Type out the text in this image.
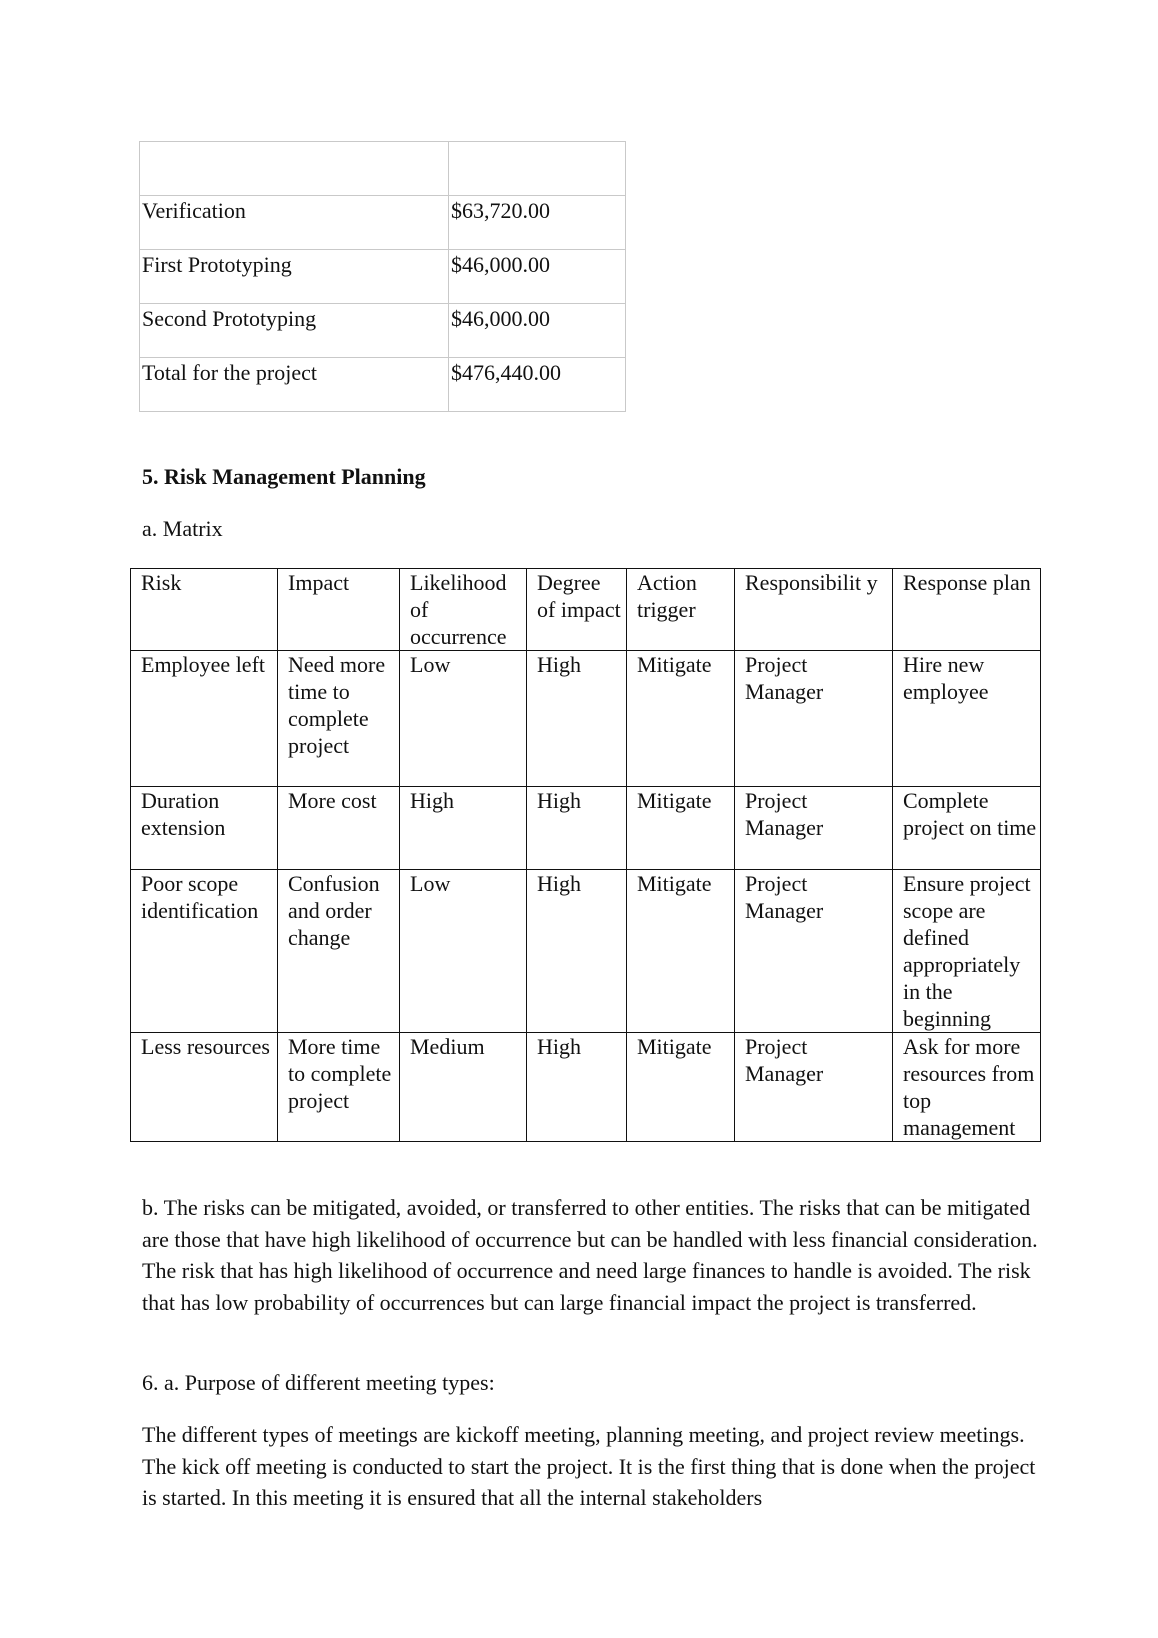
Verification	$63,720.00
First Prototyping	$46,000.00
Second Prototyping	$46,000.00
Total for the project	$476,440.00
5. Risk Management Planning
a. Matrix
Risk	Impact	Likelihood of occurrence	Degree of impact	Action trigger	Responsibilit y	Response plan
Employee left	Need more time to complete project	Low	High	Mitigate	Project Manager	Hire new employee
Duration extension	More cost	High	High	Mitigate	Project Manager	Complete project on time
Poor scope identification	Confusion and order change	Low	High	Mitigate	Project Manager	Ensure project scope are defined appropriately in the beginning
Less resources	More time to complete project	Medium	High	Mitigate	Project Manager	Ask for more resources from top management

b. The risks can be mitigated, avoided, or transferred to other entities. The risks that can be mitigated are those that have high likelihood of occurrence but can be handled with less financial consideration. The risk that has high likelihood of occurrence and need large finances to handle is avoided. The risk that has low probability of occurrences but can large financial impact the project is transferred.

6. a. Purpose of different meeting types:

The different types of meetings are kickoff meeting, planning meeting, and project review meetings. The kick off meeting is conducted to start the project. It is the first thing that is done when the project is started. In this meeting it is ensured that all the internal stakeholders
